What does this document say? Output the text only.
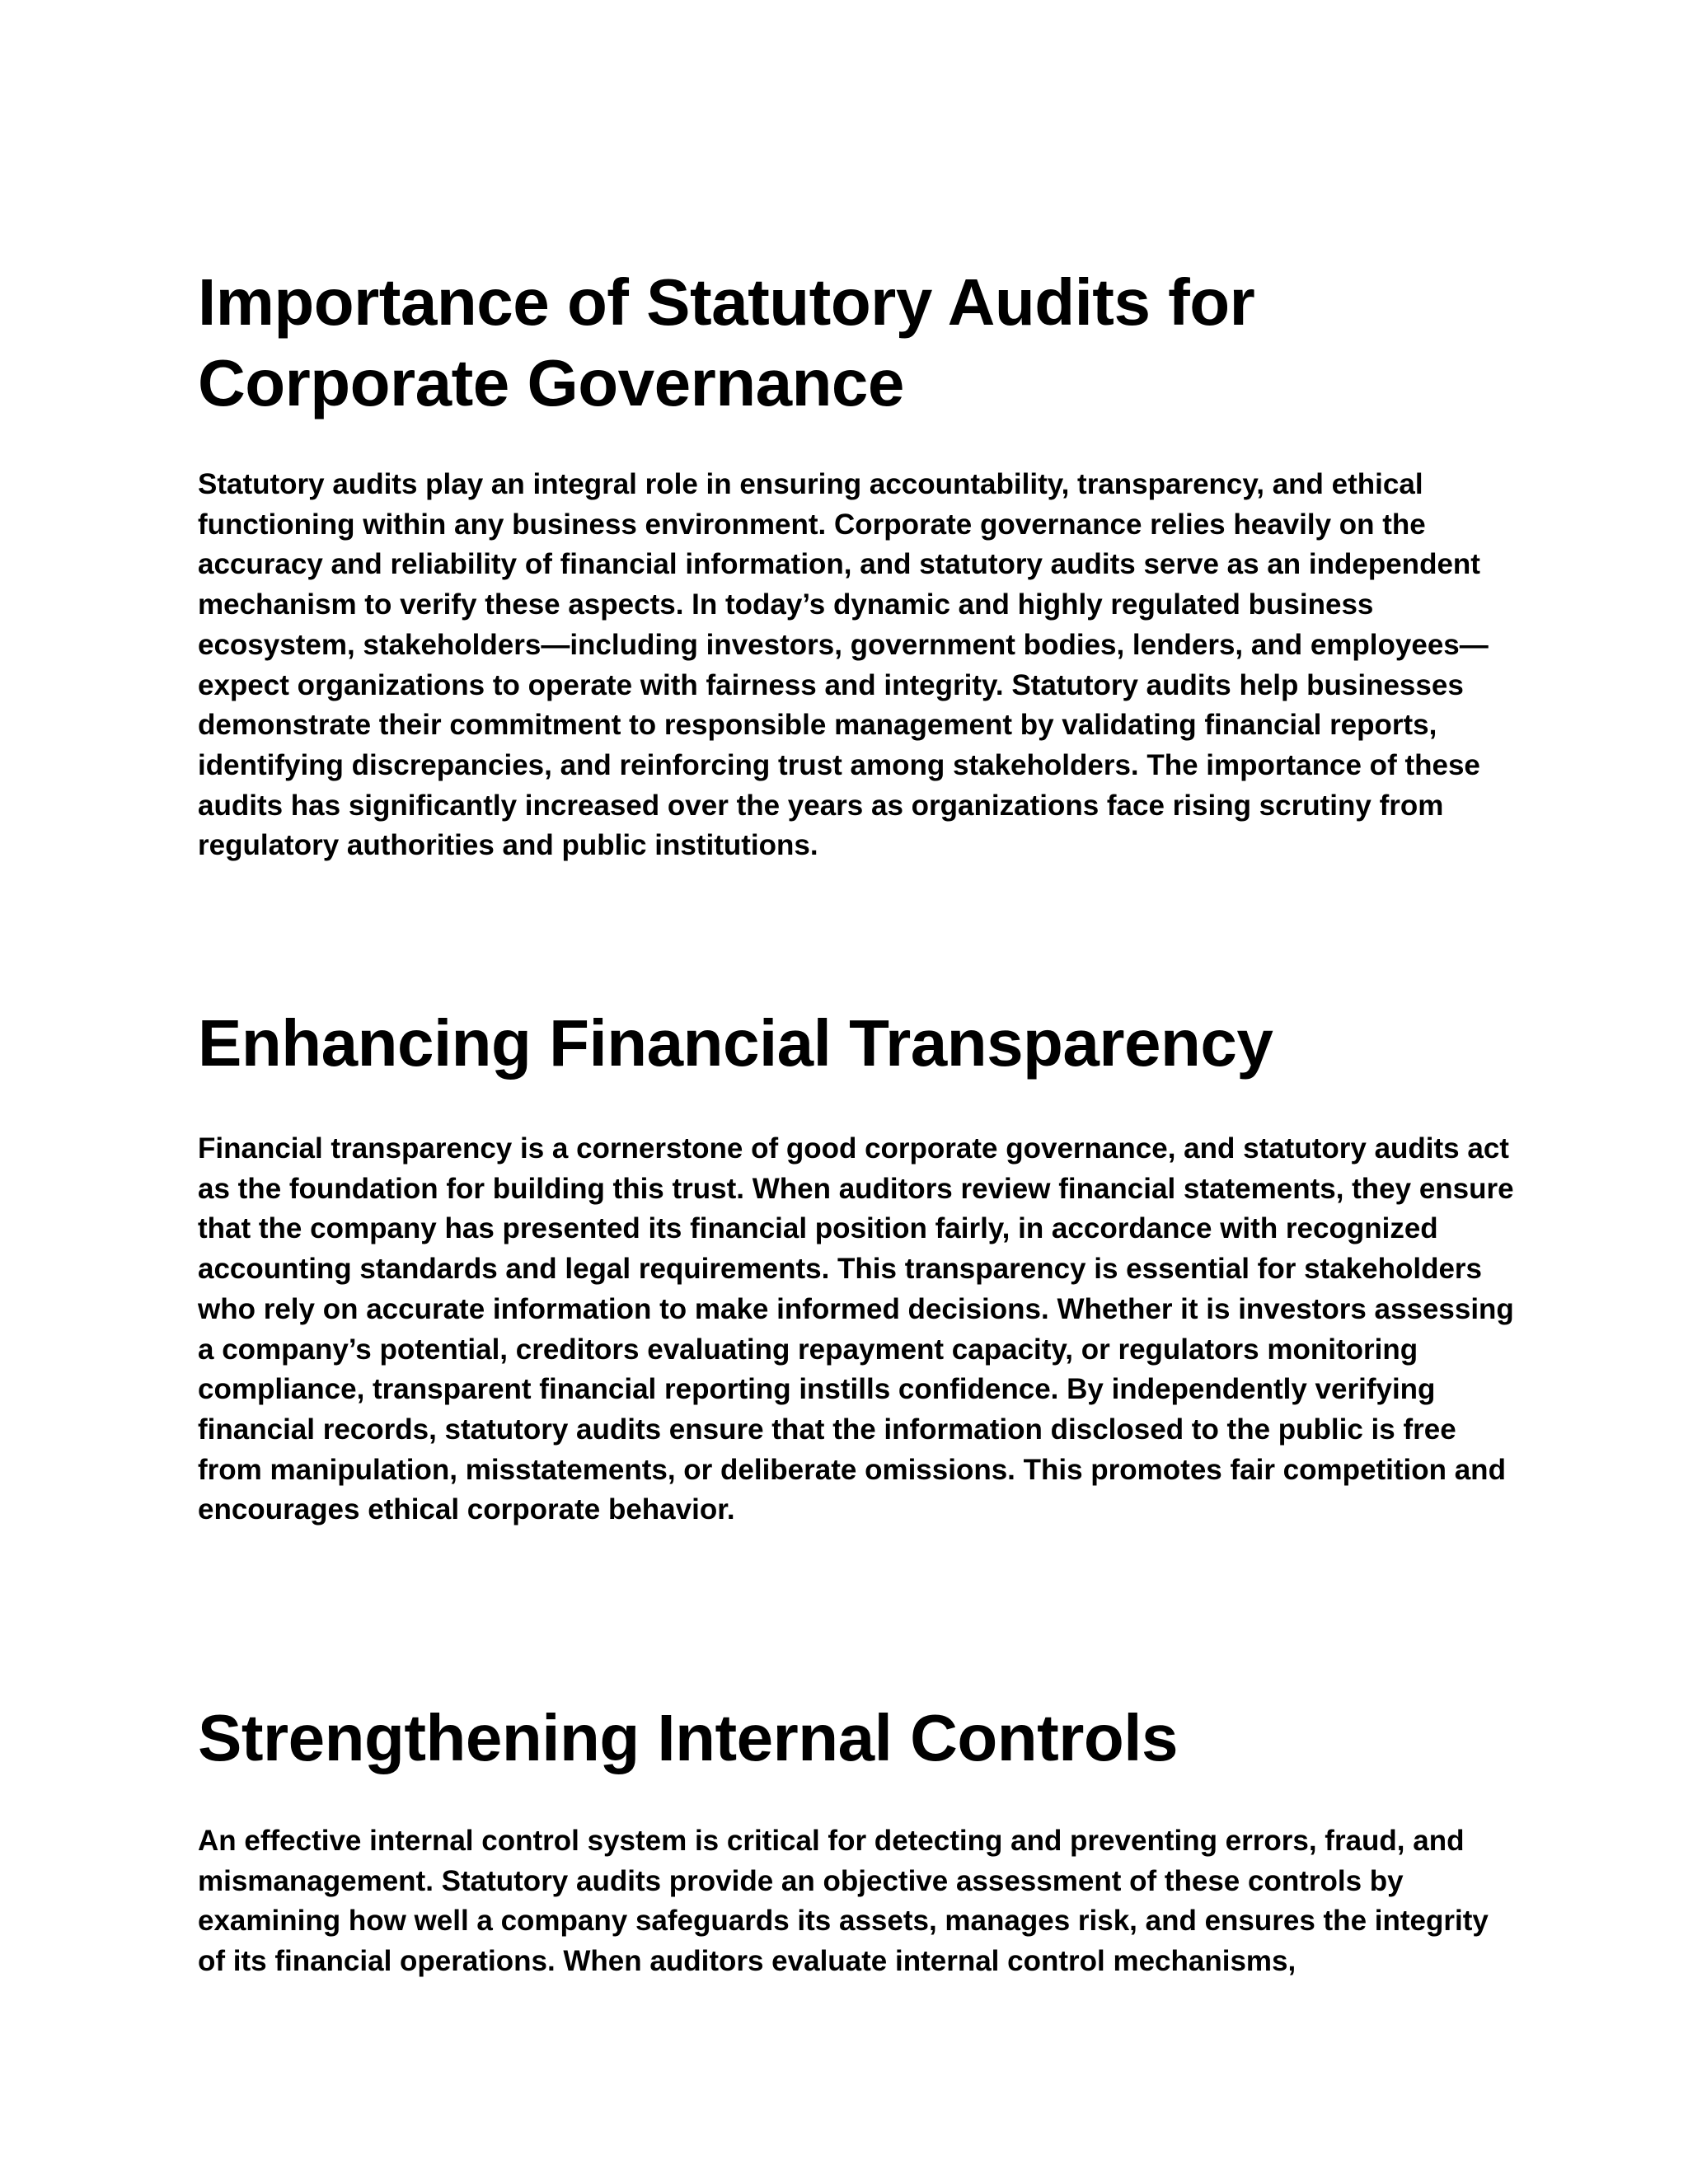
Importance of Statutory Audits for Corporate Governance

Statutory audits play an integral role in ensuring accountability, transparency, and ethical functioning within any business environment. Corporate governance relies heavily on the accuracy and reliability of financial information, and statutory audits serve as an independent mechanism to verify these aspects. In today’s dynamic and highly regulated business ecosystem, stakeholders—including investors, government bodies, lenders, and employees—expect organizations to operate with fairness and integrity. Statutory audits help businesses demonstrate their commitment to responsible management by validating financial reports, identifying discrepancies, and reinforcing trust among stakeholders. The importance of these audits has significantly increased over the years as organizations face rising scrutiny from regulatory authorities and public institutions.

Enhancing Financial Transparency

Financial transparency is a cornerstone of good corporate governance, and statutory audits act as the foundation for building this trust. When auditors review financial statements, they ensure that the company has presented its financial position fairly, in accordance with recognized accounting standards and legal requirements. This transparency is essential for stakeholders who rely on accurate information to make informed decisions. Whether it is investors assessing a company’s potential, creditors evaluating repayment capacity, or regulators monitoring compliance, transparent financial reporting instills confidence. By independently verifying financial records, statutory audits ensure that the information disclosed to the public is free from manipulation, misstatements, or deliberate omissions. This promotes fair competition and encourages ethical corporate behavior.

Strengthening Internal Controls

An effective internal control system is critical for detecting and preventing errors, fraud, and mismanagement. Statutory audits provide an objective assessment of these controls by examining how well a company safeguards its assets, manages risk, and ensures the integrity of its financial operations. When auditors evaluate internal control mechanisms,
